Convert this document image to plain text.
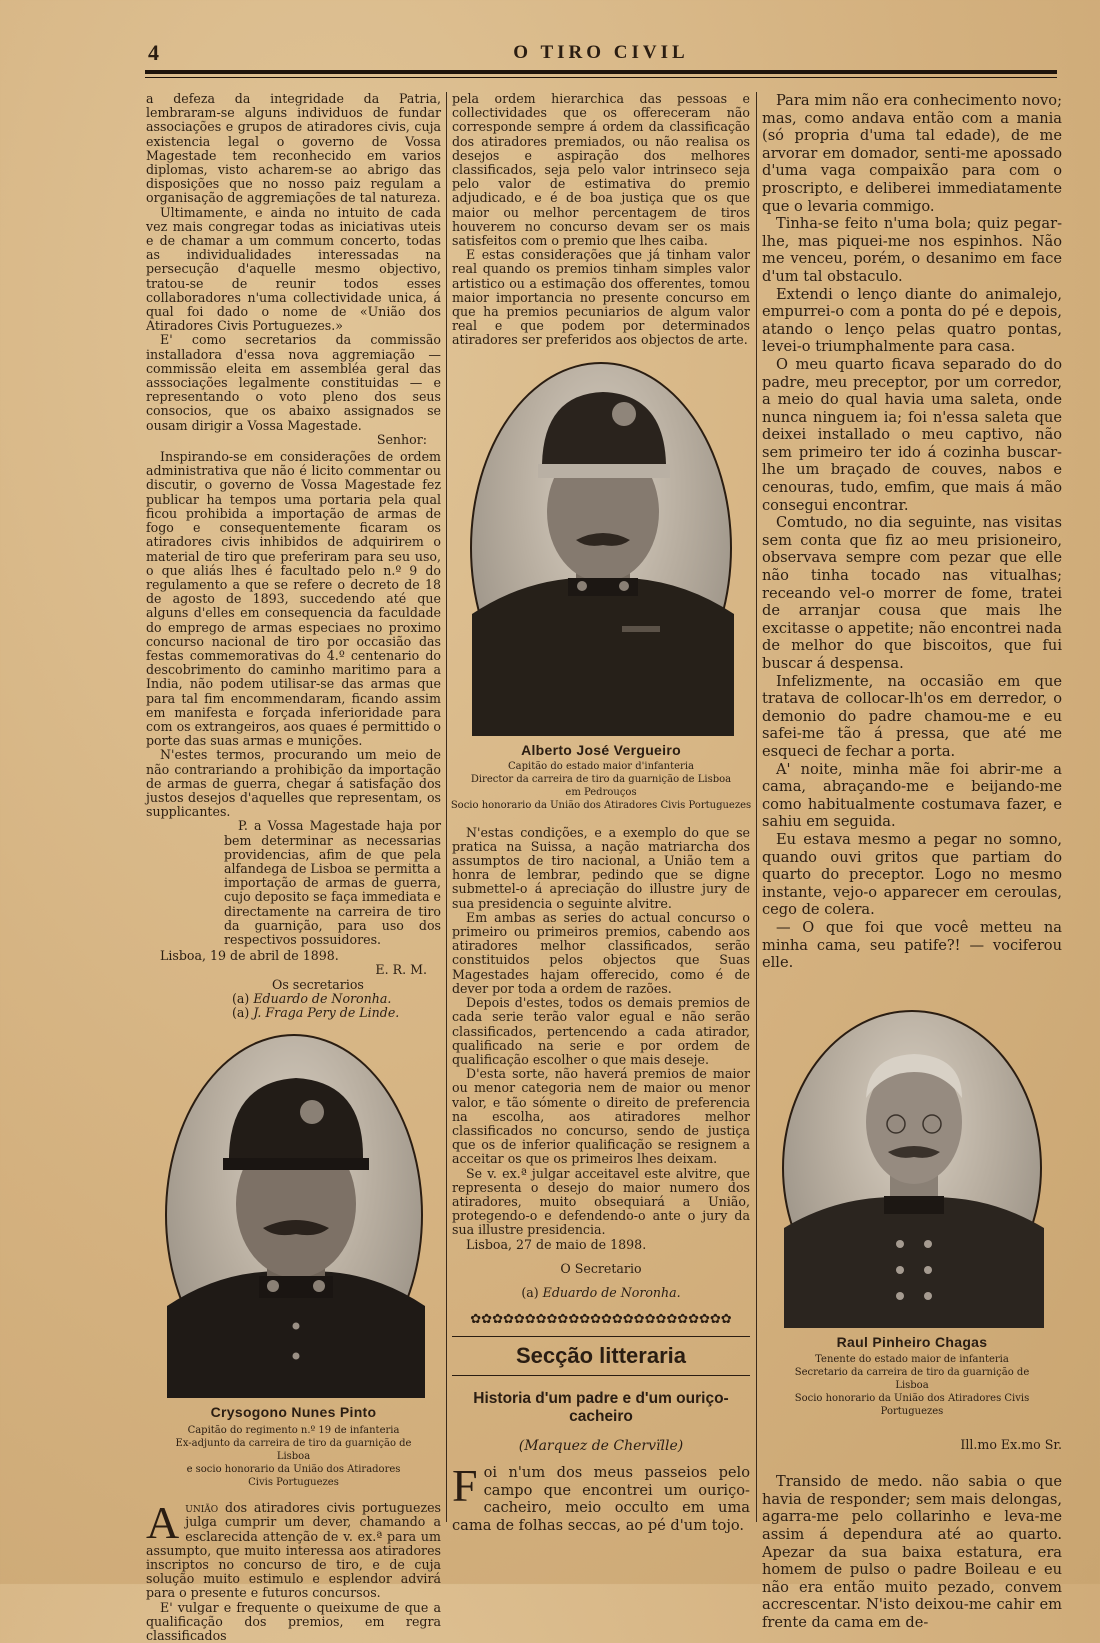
4	O TIRO CIVIL

a defeza da integridade da Patria, lembraram-se alguns individuos de fundar associações e grupos de atiradores civis, cuja existencia legal o governo de Vossa Magestade tem reconhecido em varios diplomas, visto acharem-se ao abrigo das disposições que no nosso paiz regulam a organisação de aggremiações de tal natureza.

Ultimamente, e ainda no intuito de cada vez mais congregar todas as iniciativas uteis e de chamar a um commum concerto, todas as individualidades interessadas na persecução d'aquelle mesmo objectivo, tratou-se de reunir todos esses collaboradores n'uma collectividade unica, á qual foi dado o nome de «União dos Atiradores Civis Portuguezes.»

E' como secretarios da commissão installadora d'essa nova aggremiação — commissão eleita em assembléa geral das asssociações legalmente constituidas — e representando o voto pleno dos seus consocios, que os abaixo assignados se ousam dirigir a Vossa Magestade.

Senhor:

Inspirando-se em considerações de ordem administrativa que não é licito commentar ou discutir, o governo de Vossa Magestade fez publicar ha tempos uma portaria pela qual ficou prohibida a importação de armas de fogo e consequentemente ficaram os atiradores civis inhibidos de adquirirem o material de tiro que preferiram para seu uso, o que aliás lhes é facultado pelo n.º 9 do regulamento a que se refere o decreto de 18 de agosto de 1893, succedendo até que alguns d'elles em consequencia da faculdade do emprego de armas especiaes no proximo concurso nacional de tiro por occasião das festas commemorativas do 4.º centenario do descobrimento do caminho maritimo para a India, não podem utilisar-se das armas que para tal fim encommendaram, ficando assim em manifesta e forçada inferioridade para com os extrangeiros, aos quaes é permittido o porte das suas armas e munições.

N'estes termos, procurando um meio de não contrariando a prohibição da importação de armas de guerra, chegar á satisfação dos justos desejos d'aquelles que representam, os supplicantes.

P. a Vossa Magestade haja por bem determinar as necessarias providencias, afim de que pela alfandega de Lisboa se permitta a importação de armas de guerra, cujo deposito se faça immediata e directamente na carreira de tiro da guarnição, para uso dos respectivos possuidores.

Lisboa, 19 de abril de 1898.

E. R. M.

Os secretarios

(a) Eduardo de Noronha.

(a) J. Fraga Pery de Linde.

Crysogono Nunes Pinto
Capitão do regimento n.º 19 de infanteria
Ex-adjunto da carreira de tiro da guarnição de Lisboa
e socio honorario da União dos Atiradores
Civis Portuguezes

Aunião dos atiradores civis portuguezes julga cumprir um dever, chamando a esclarecida attenção de v. ex.ª para um assumpto, que muito interessa aos atiradores inscriptos no concurso de tiro, e de cuja solução muito estimulo e esplendor advirá para o presente e futuros concursos.

E' vulgar e frequente o queixume de que a qualificação dos premios, em regra classificados

pela ordem hierarchica das pessoas e collectividades que os offereceram não corresponde sempre á ordem da classificação dos atiradores premiados, ou não realisa os desejos e aspiração dos melhores classificados, seja pelo valor intrinseco seja pelo valor de estimativa do premio adjudicado, e é de boa justiça que os que maior ou melhor percentagem de tiros houverem no concurso devam ser os mais satisfeitos com o premio que lhes caiba.

E estas considerações que já tinham valor real quando os premios tinham simples valor artistico ou a estimação dos offerentes, tomou maior importancia no presente concurso em que ha premios pecuniarios de algum valor real e que podem por determinados atiradores ser preferidos aos objectos de arte.

Alberto José Vergueiro
Capitão do estado maior d'infanteria
Director da carreira de tiro da guarnição de Lisboa
em Pedrouços
Socio honorario da União dos Atiradores Civis Portuguezes

N'estas condições, e a exemplo do que se pratica na Suissa, a nação matriarcha dos assumptos de tiro nacional, a União tem a honra de lembrar, pedindo que se digne submettel-o á apreciação do illustre jury de sua presidencia o seguinte alvitre.

Em ambas as series do actual concurso o primeiro ou primeiros premios, cabendo aos atiradores melhor classificados, serão constituidos pelos objectos que Suas Magestades hajam offerecido, como é de dever por toda a ordem de razões.

Depois d'estes, todos os demais premios de cada serie terão valor egual e não serão classificados, pertencendo a cada atirador, qualificado na serie e por ordem de qualificação escolher o que mais deseje.

D'esta sorte, não haverá premios de maior ou menor categoria nem de maior ou menor valor, e tão sómente o direito de preferencia na escolha, aos atiradores melhor classificados no concurso, sendo de justiça que os de inferior qualificação se resignem a acceitar os que os primeiros lhes deixam.

Se v. ex.ª julgar acceitavel este alvitre, que representa o desejo do maior numero dos atiradores, muito obsequiará a União, protegendo-o e defendendo-o ante o jury da sua illustre presidencia.

Lisboa, 27 de maio de 1898.

O Secretario

(a) Eduardo de Noronha.

✿✿✿✿✿✿✿✿✿✿✿✿✿✿✿✿✿✿✿✿✿✿✿✿
Secção litteraria
Historia d'um padre e d'um ouriço-cacheiro
(Marquez de Chervïlle)

Foi n'um dos meus passeios pelo campo que encontrei um ouriço-cacheiro, meio occulto em uma cama de folhas seccas, ao pé d'um tojo.

Para mim não era conhecimento novo; mas, como andava então com a mania (só propria d'uma tal edade), de me arvorar em domador, senti-me apossado d'uma vaga compaixão para com o proscripto, e deliberei immediatamente que o levaria commigo.

Tinha-se feito n'uma bola; quiz pegar-lhe, mas piquei-me nos espinhos. Não me venceu, porém, o desanimo em face d'um tal obstaculo.

Extendi o lenço diante do animalejo, empurrei-o com a ponta do pé e depois, atando o lenço pelas quatro pontas, levei-o triumphalmente para casa.

O meu quarto ficava separado do do padre, meu preceptor, por um corredor, a meio do qual havia uma saleta, onde nunca ninguem ia; foi n'essa saleta que deixei installado o meu captivo, não sem primeiro ter ido á cozinha buscar-lhe um braçado de couves, nabos e cenouras, tudo, emfim, que mais á mão consegui encontrar.

Comtudo, no dia seguinte, nas visitas sem conta que fiz ao meu prisioneiro, observava sempre com pezar que elle não tinha tocado nas vitualhas; receando vel-o morrer de fome, tratei de arranjar cousa que mais lhe excitasse o appetite; não encontrei nada de melhor do que biscoitos, que fui buscar á despensa.

Infelizmente, na occasião em que tratava de collocar-lh'os em derredor, o demonio do padre chamou-me e eu safei-me tão á pressa, que até me esqueci de fechar a porta.

A' noite, minha mãe foi abrir-me a cama, abraçando-me e beijando-me como habitualmente costumava fazer, e sahiu em seguida.

Eu estava mesmo a pegar no somno, quando ouvi gritos que partiam do quarto do preceptor. Logo no mesmo instante, vejo-o apparecer em ceroulas, cego de colera.

— O que foi que você metteu na minha cama, seu patife?! — vociferou elle.

Raul Pinheiro Chagas
Tenente do estado maior de infanteria
Secretario da carreira de tiro da guarnição de Lisboa
Socio honorario da União dos Atiradores Civis Portuguezes

Ill.mo Ex.mo Sr.

Transido de medo. não sabia o que havia de responder; sem mais delongas, agarra-me pelo collarinho e leva-me assim á dependura até ao quarto. Apezar da sua baixa estatura, era homem de pulso o padre Boileau e eu não era então muito pezado, convem accrescentar. N'isto deixou-me cahir em frente da cama em de-
